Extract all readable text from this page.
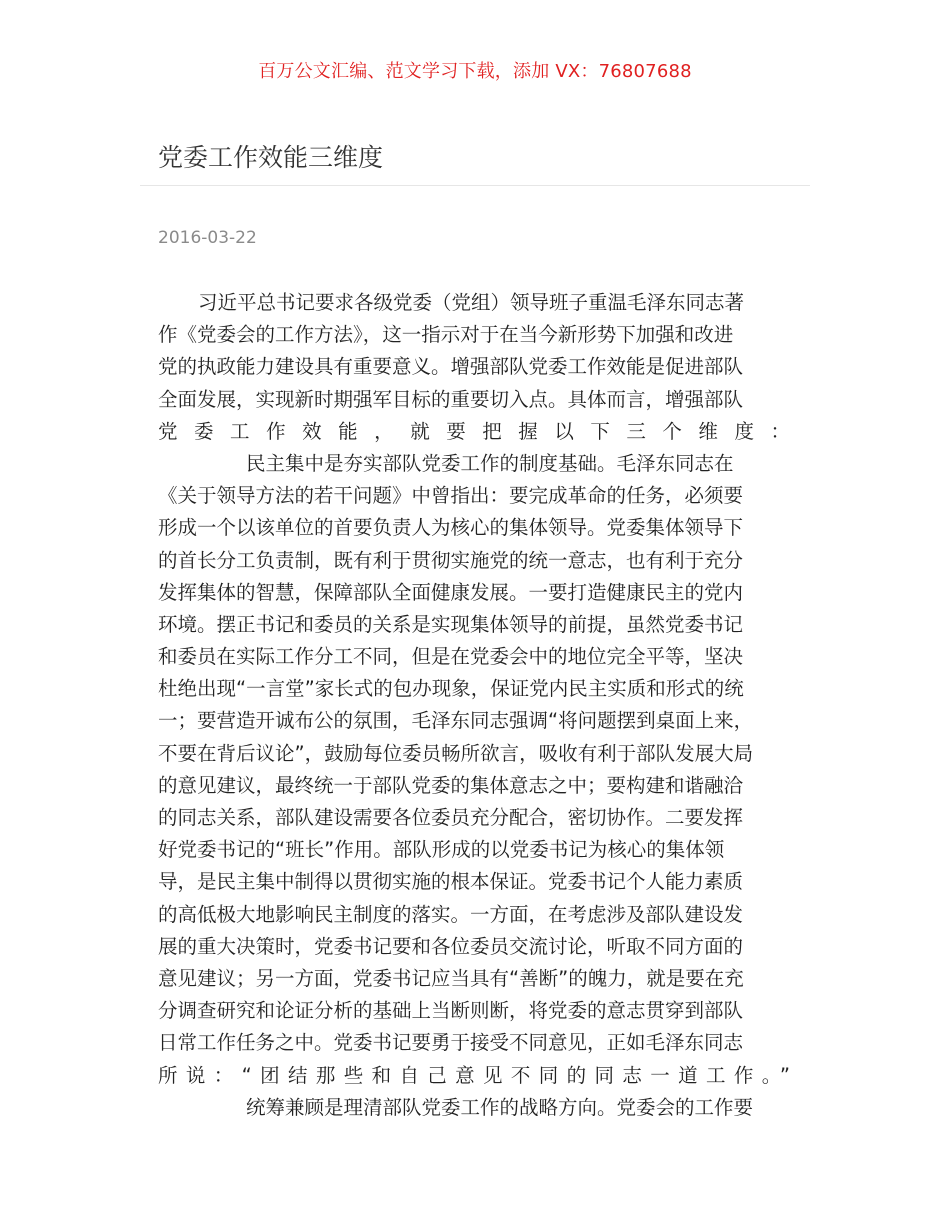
百万公文汇编、范文学习下载，添加 VX：76807688
党委工作效能三维度
2016-03-22
习近平总书记要求各级党委（党组）领导班子重温毛泽东同志著
作《党委会的工作方法》，这一指示对于在当今新形势下加强和改进
党的执政能力建设具有重要意义。增强部队党委工作效能是促进部队
全面发展，实现新时期强军目标的重要切入点。具体而言，增强部队
党委工作效能，就要把握以下三个维度：
民主集中是夯实部队党委工作的制度基础。毛泽东同志在
《关于领导方法的若干问题》中曾指出：要完成革命的任务，必须要
形成一个以该单位的首要负责人为核心的集体领导。党委集体领导下
的首长分工负责制，既有利于贯彻实施党的统一意志，也有利于充分
发挥集体的智慧，保障部队全面健康发展。一要打造健康民主的党内
环境。摆正书记和委员的关系是实现集体领导的前提，虽然党委书记
和委员在实际工作分工不同，但是在党委会中的地位完全平等，坚决
杜绝出现“一言堂”家长式的包办现象，保证党内民主实质和形式的统
一；要营造开诚布公的氛围，毛泽东同志强调“将问题摆到桌面上来，
不要在背后议论”，鼓励每位委员畅所欲言，吸收有利于部队发展大局
的意见建议，最终统一于部队党委的集体意志之中；要构建和谐融洽
的同志关系，部队建设需要各位委员充分配合，密切协作。二要发挥
好党委书记的“班长”作用。部队形成的以党委书记为核心的集体领
导，是民主集中制得以贯彻实施的根本保证。党委书记个人能力素质
的高低极大地影响民主制度的落实。一方面，在考虑涉及部队建设发
展的重大决策时，党委书记要和各位委员交流讨论，听取不同方面的
意见建议；另一方面，党委书记应当具有“善断”的魄力，就是要在充
分调查研究和论证分析的基础上当断则断，将党委的意志贯穿到部队
日常工作任务之中。党委书记要勇于接受不同意见，正如毛泽东同志
所说：“团结那些和自己意见不同的同志一道工作。”
统筹兼顾是理清部队党委工作的战略方向。党委会的工作要
